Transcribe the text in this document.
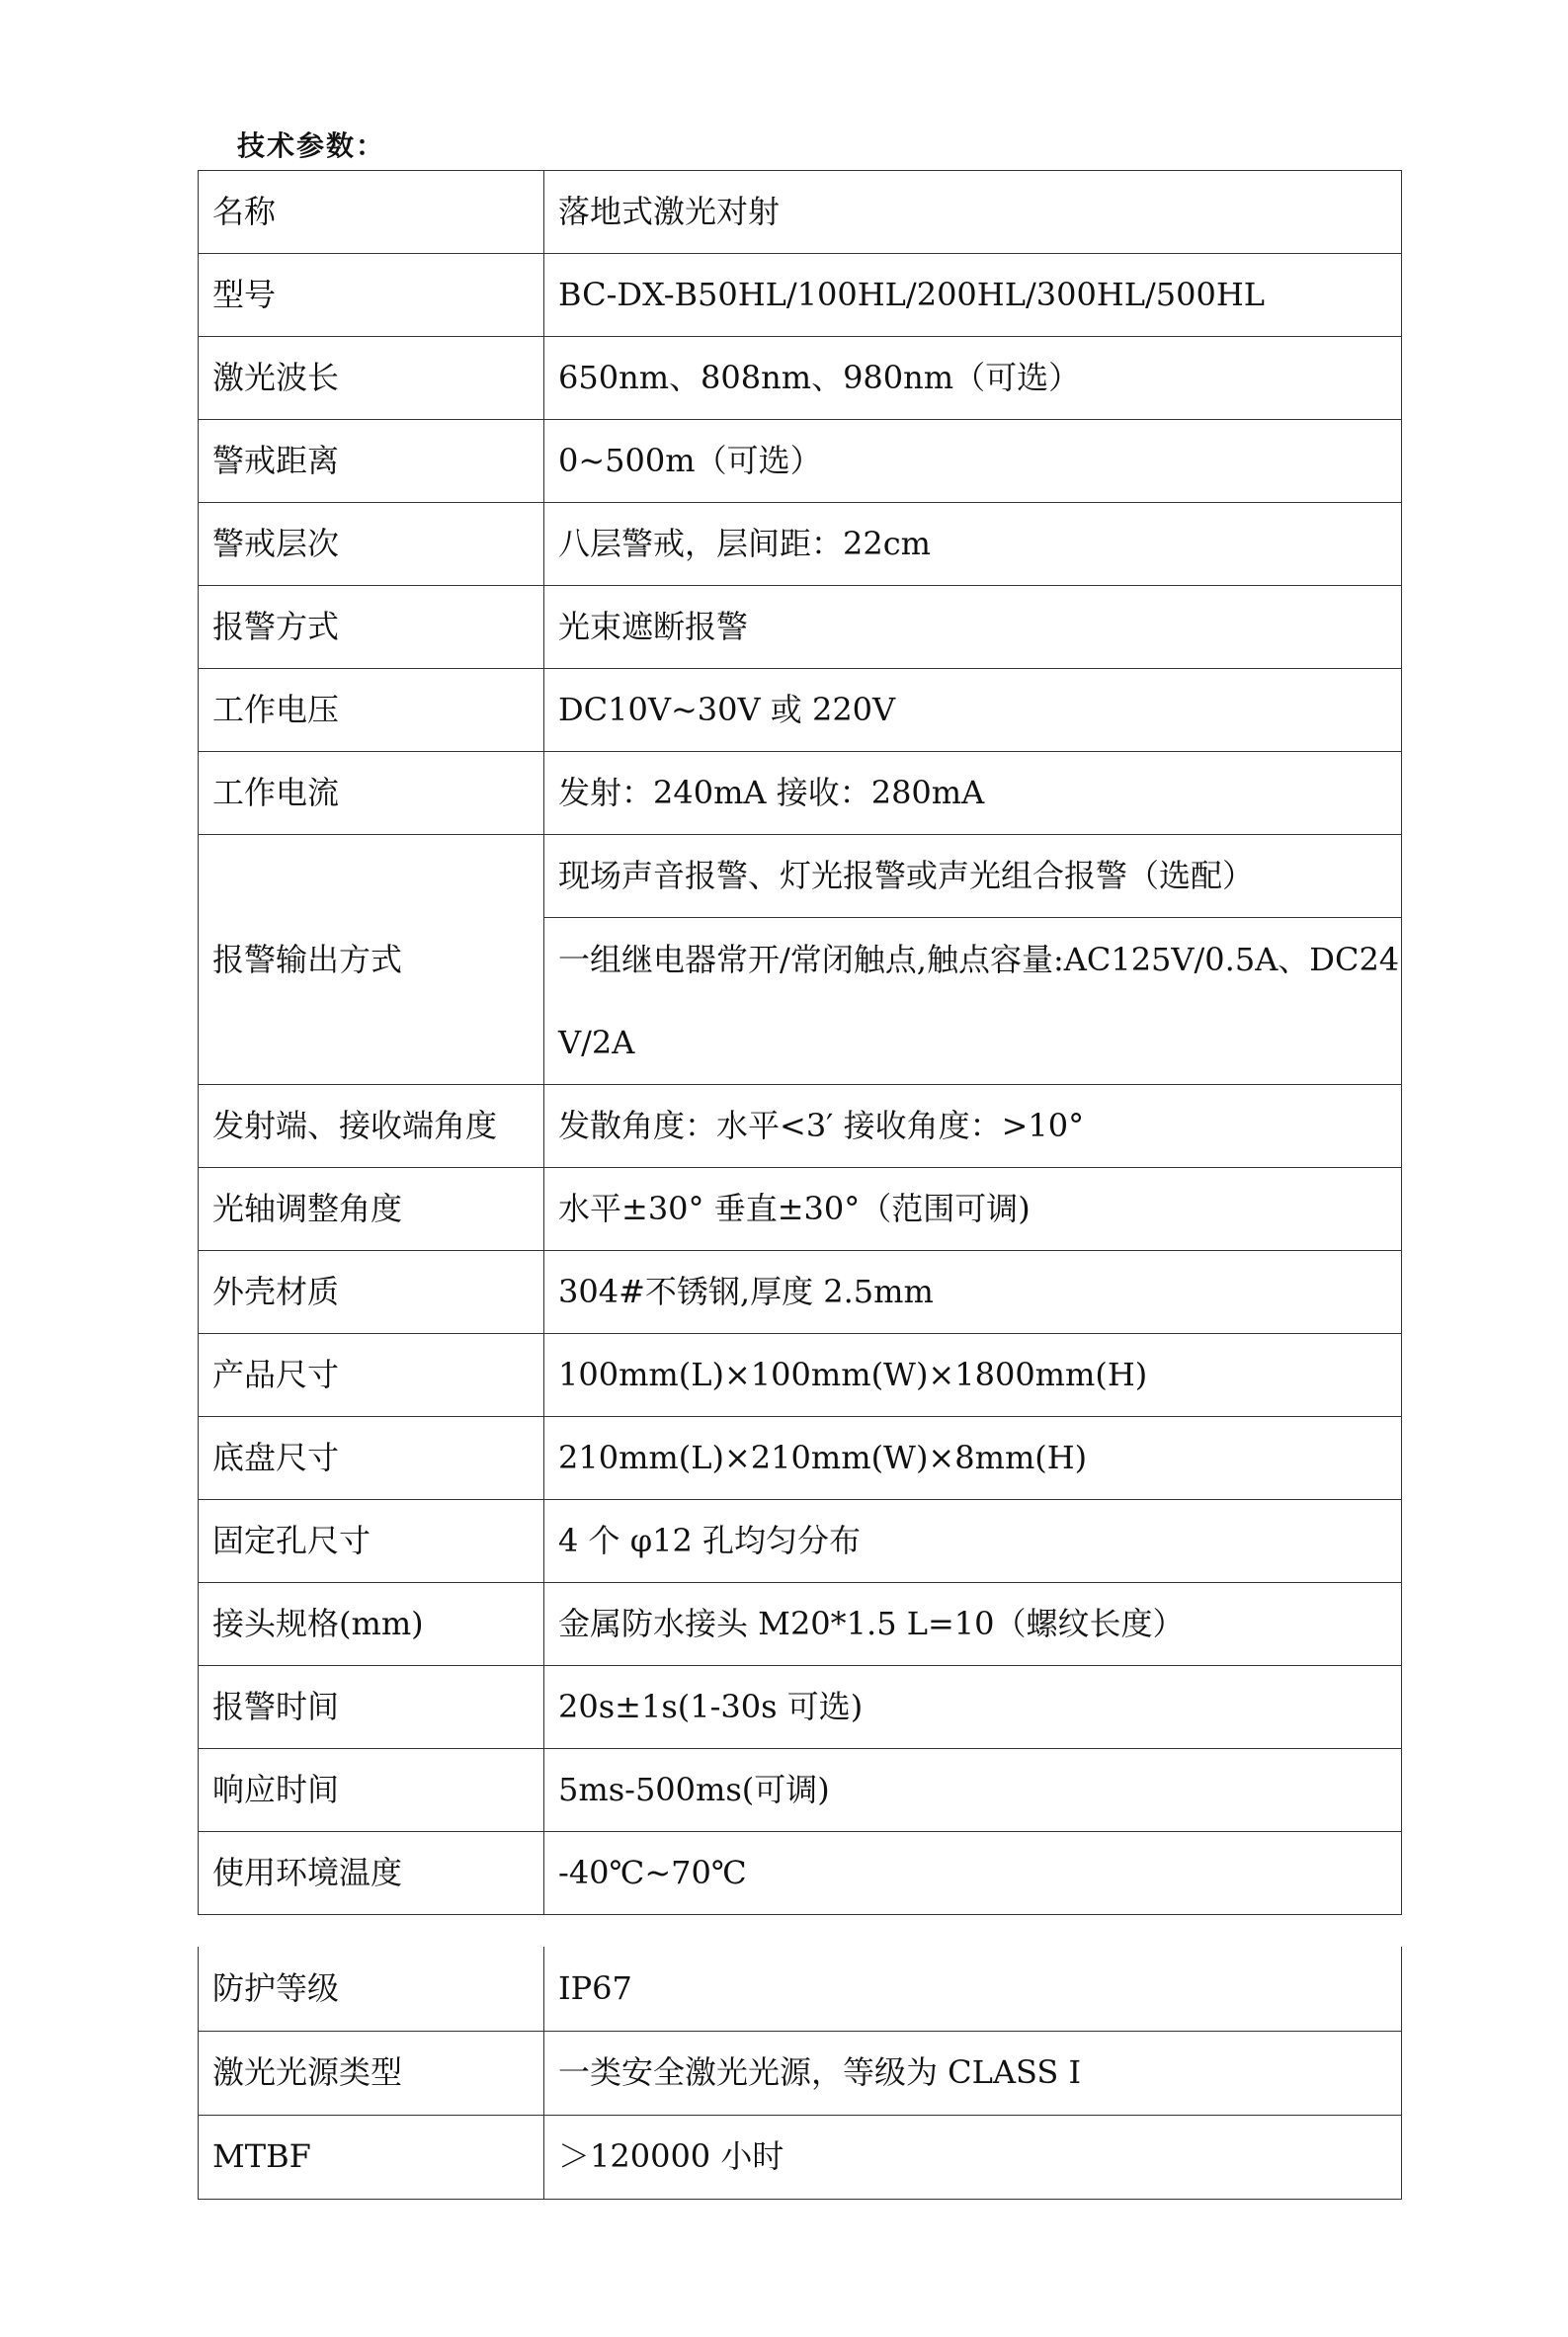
技术参数：
名称	落地式激光对射
型号	BC-DX-B50HL/100HL/200HL/300HL/500HL
激光波长	650nm、808nm、980nm（可选）
警戒距离	0~500m（可选）
警戒层次	八层警戒，层间距：22cm
报警方式	光束遮断报警
工作电压	DC10V~30V 或 220V
工作电流	发射：240mA 接收：280mA
报警输出方式	现场声音报警、灯光报警或声光组合报警（选配）
	一组继电器常开/常闭触点,触点容量:AC125V/0.5A、DC24V/2A
发射端、接收端角度	发散角度：水平<3′ 接收角度：>10°
光轴调整角度	水平±30° 垂直±30°（范围可调)
外壳材质	304#不锈钢,厚度 2.5mm
产品尺寸	100mm(L)×100mm(W)×1800mm(H)
底盘尺寸	210mm(L)×210mm(W)×8mm(H)
固定孔尺寸	4 个 φ12 孔均匀分布
接头规格(mm)	金属防水接头 M20*1.5 L=10（螺纹长度）
报警时间	20s±1s(1-30s 可选)
响应时间	5ms-500ms(可调)
使用环境温度	-40℃~70℃
防护等级	IP67
激光光源类型	一类安全激光光源，等级为 CLASS Ⅰ
MTBF	＞120000 小时
